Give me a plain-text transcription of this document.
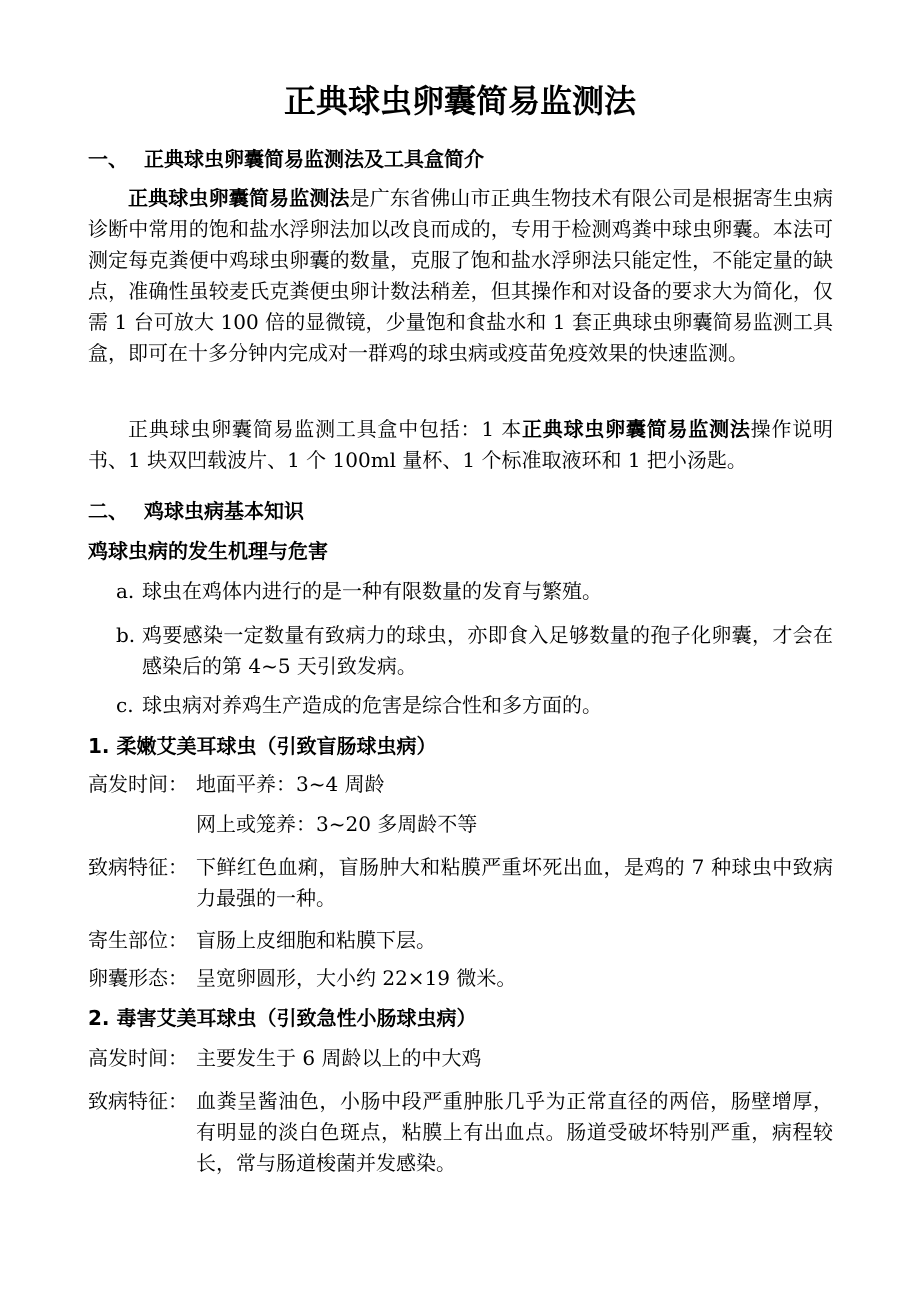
正典球虫卵囊简易监测法
一、 正典球虫卵囊简易监测法及工具盒简介
正典球虫卵囊简易监测法是广东省佛山市正典生物技术有限公司是根据寄生虫病诊断中常用的饱和盐水浮卵法加以改良而成的，专用于检测鸡粪中球虫卵囊。本法可测定每克粪便中鸡球虫卵囊的数量，克服了饱和盐水浮卵法只能定性，不能定量的缺点，准确性虽较麦氏克粪便虫卵计数法稍差，但其操作和对设备的要求大为简化，仅需 1 台可放大 100 倍的显微镜，少量饱和食盐水和 1 套正典球虫卵囊简易监测工具盒，即可在十多分钟内完成对一群鸡的球虫病或疫苗免疫效果的快速监测。
正典球虫卵囊简易监测工具盒中包括：1 本正典球虫卵囊简易监测法操作说明书、1 块双凹载波片、1 个 100ml 量杯、1 个标准取液环和 1 把小汤匙。
二、 鸡球虫病基本知识
鸡球虫病的发生机理与危害
a. 球虫在鸡体内进行的是一种有限数量的发育与繁殖。
b. 鸡要感染一定数量有致病力的球虫，亦即食入足够数量的孢子化卵囊，才会在感染后的第 4~5 天引致发病。
c. 球虫病对养鸡生产造成的危害是综合性和多方面的。
1. 柔嫩艾美耳球虫（引致盲肠球虫病）
高发时间： 地面平养：3~4 周龄
网上或笼养：3~20 多周龄不等
致病特征： 下鲜红色血痢，盲肠肿大和粘膜严重坏死出血，是鸡的 7 种球虫中致病力最强的一种。
寄生部位： 盲肠上皮细胞和粘膜下层。
卵囊形态： 呈宽卵圆形，大小约 22×19 微米。
2. 毒害艾美耳球虫（引致急性小肠球虫病）
高发时间： 主要发生于 6 周龄以上的中大鸡
致病特征： 血粪呈酱油色，小肠中段严重肿胀几乎为正常直径的两倍，肠壁增厚，有明显的淡白色斑点，粘膜上有出血点。肠道受破坏特别严重，病程较长，常与肠道梭菌并发感染。
